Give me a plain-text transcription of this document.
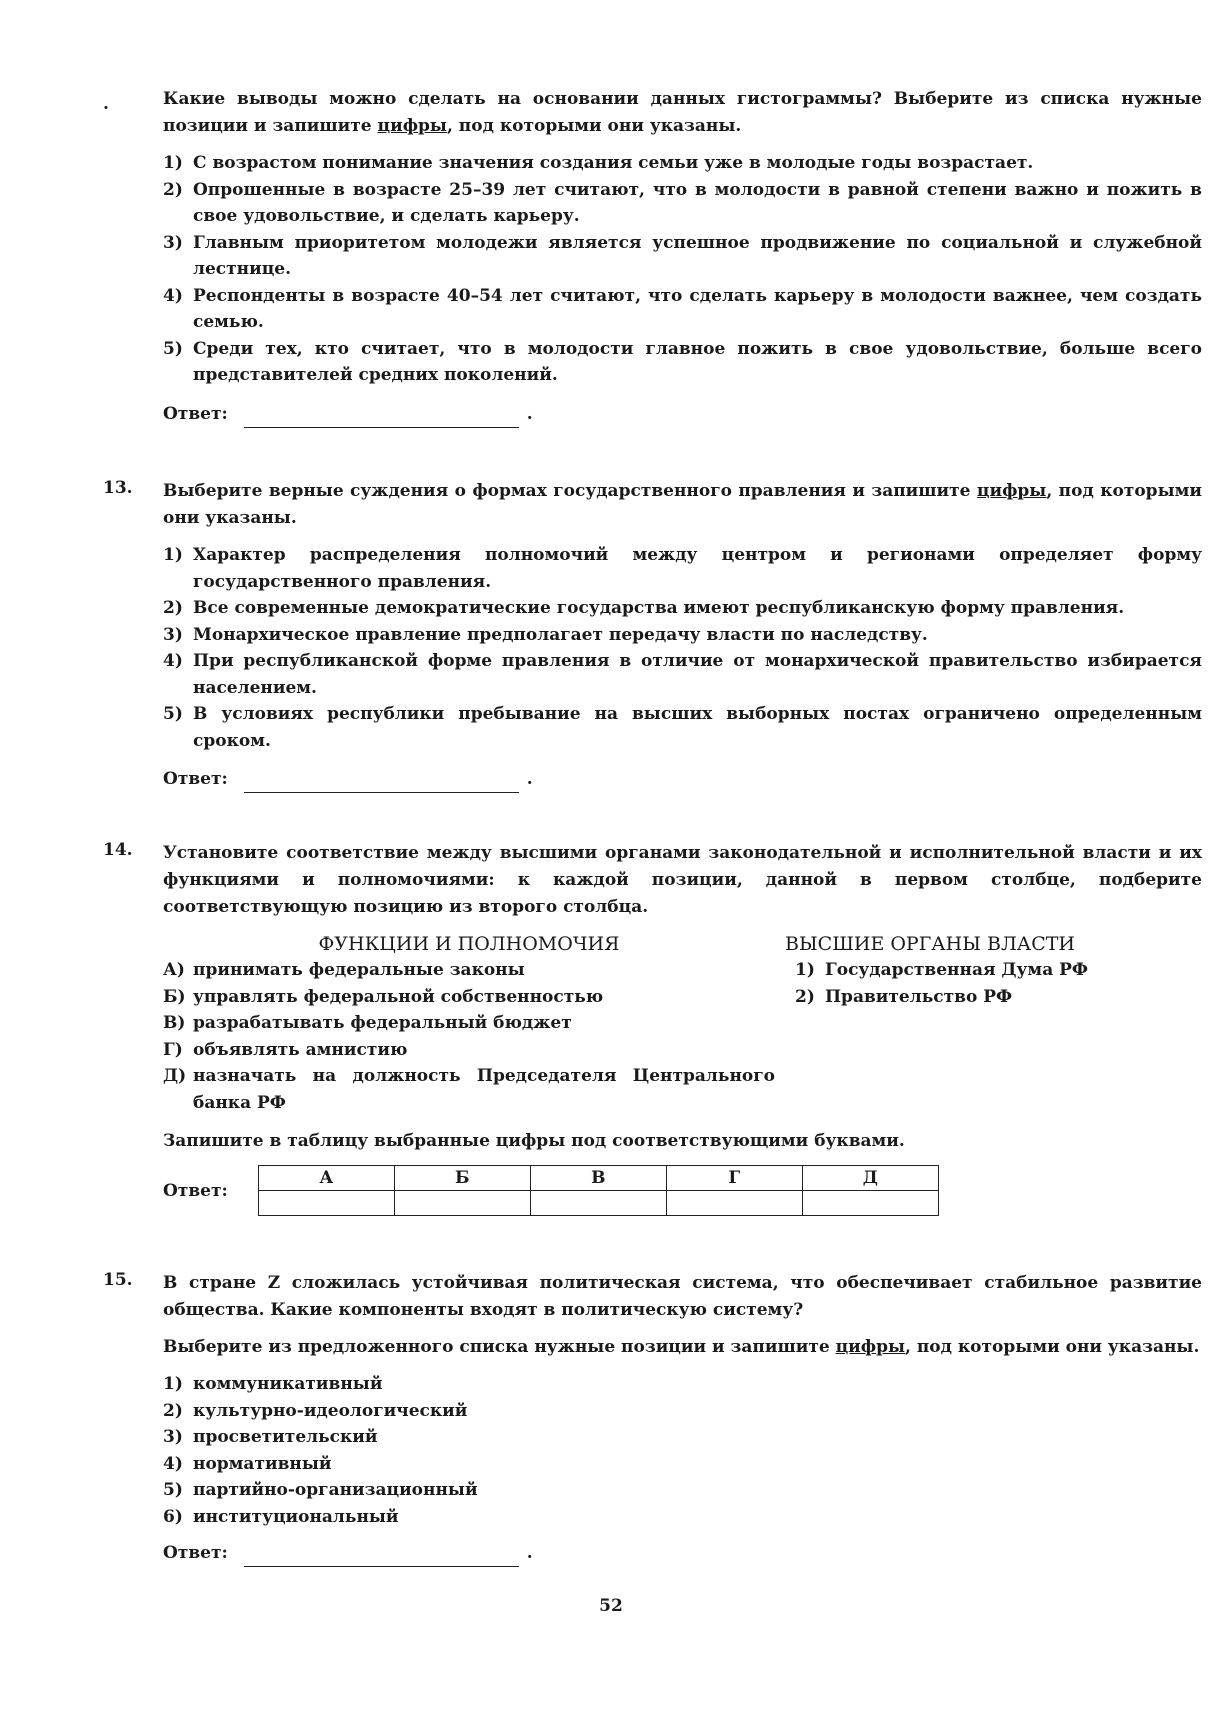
.	Какие выводы можно сделать на основании данных гистограммы? Выберите из списка нужные позиции и запишите цифры, под которыми они указаны.

1) С возрастом понимание значения создания семьи уже в молодые годы возрастает.
2) Опрошенные в возрасте 25–39 лет считают, что в молодости в равной степени важно и пожить в свое удовольствие, и сделать карьеру.
3) Главным приоритетом молодежи является успешное продвижение по социальной и служебной лестнице.
4) Респонденты в возрасте 40–54 лет считают, что сделать карьеру в молодости важнее, чем создать семью.
5) Среди тех, кто считает, что в молодости главное пожить в свое удовольствие, больше всего представителей средних поколений.
Ответ:	.
13.	Выберите верные суждения о формах государственного правления и запишите цифры, под которыми они указаны.

1) Характер распределения полномочий между центром и регионами определяет форму государственного правления.
2) Все современные демократические государства имеют республиканскую форму правления.
3) Монархическое правление предполагает передачу власти по наследству.
4) При республиканской форме правления в отличие от монархической правительство избирается населением.
5) В условиях республики пребывание на высших выборных постах ограничено определенным сроком.
Ответ:	.
14.	Установите соответствие между высшими органами законодательной и исполнительной власти и их функциями и полномочиями: к каждой позиции, данной в первом столбце, подберите соответствующую позицию из второго столбца.

ФУНКЦИИ И ПОЛНОМОЧИЯ
А) принимать федеральные законы
Б) управлять федеральной собственностью
В) разрабатывать федеральный бюджет
Г) объявлять амнистию
Д) назначать на должность Председателя Центрального банка РФ
ВЫСШИЕ ОРГАНЫ ВЛАСТИ
1) Государственная Дума РФ
2) Правительство РФ

Запишите в таблицу выбранные цифры под соответствующими буквами.

Ответ:
А	Б	В	Г	Д

15.	В стране Z сложилась устойчивая политическая система, что обеспечивает стабильное развитие общества. Какие компоненты входят в политическую систему?

Выберите из предложенного списка нужные позиции и запишите цифры, под которыми они указаны.

1) коммуникативный
2) культурно-идеологический
3) просветительский
4) нормативный
5) партийно-организационный
6) институциональный
Ответ:	.
52
